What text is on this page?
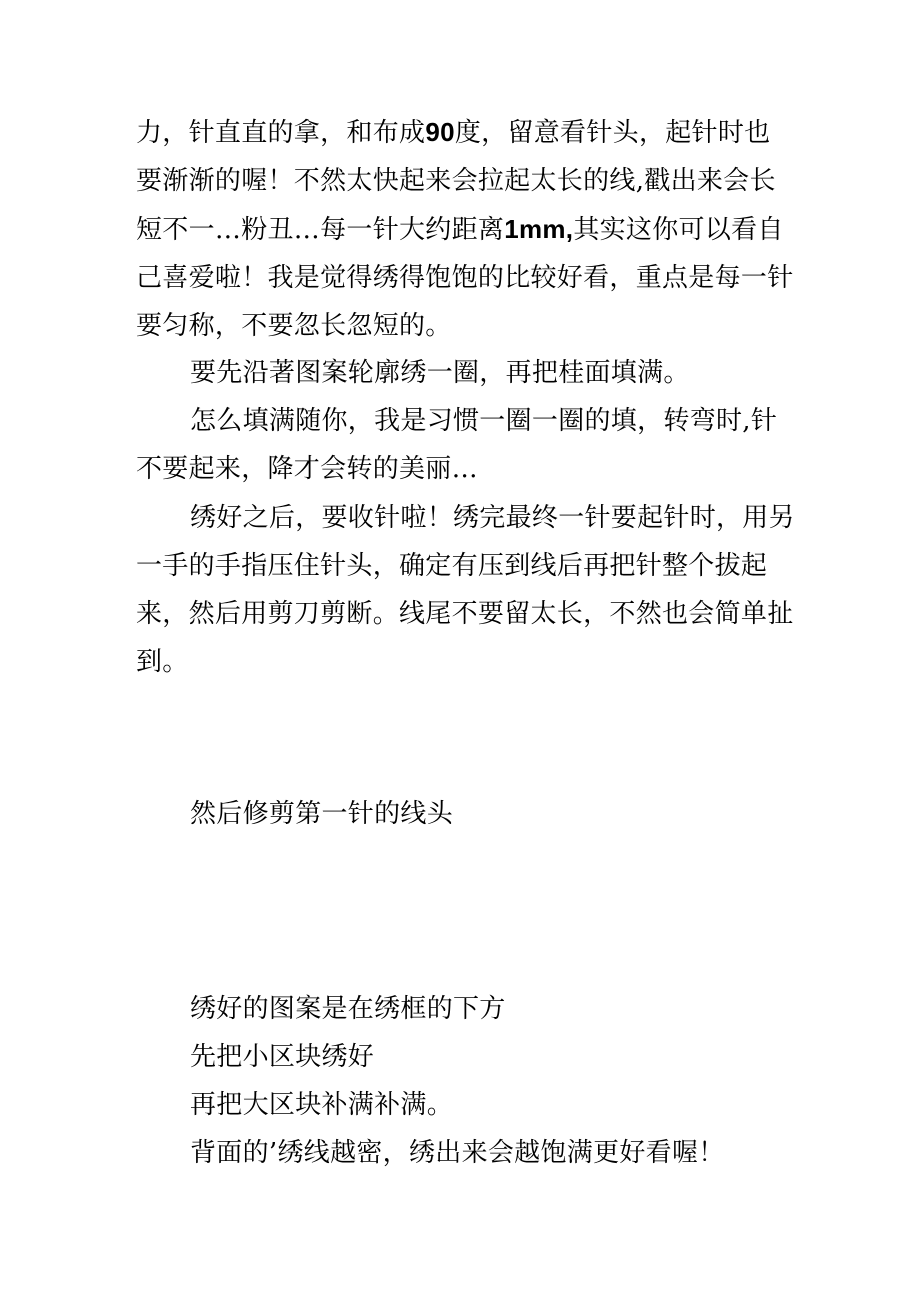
力，针直直的拿，和布成90度，留意看针头，起针时也要渐渐的喔！不然太快起来会拉起太长的线,戳出来会长短不一…粉丑…每一针大约距离1mm,其实这你可以看自己喜爱啦！我是觉得绣得饱饱的比较好看，重点是每一针要匀称，不要忽长忽短的。

要先沿著图案轮廓绣一圈，再把桂面填满。

怎么填满随你，我是习惯一圈一圈的填，转弯时,针不要起来，降才会转的美丽…

绣好之后，要收针啦！绣完最终一针要起针时，用另一手的手指压住针头，确定有压到线后再把针整个拔起来，然后用剪刀剪断。线尾不要留太长，不然也会简单扯到。

然后修剪第一针的线头

绣好的图案是在绣框的下方

先把小区块绣好

再把大区块补满补满。

背面的’绣线越密，绣出来会越饱满更好看喔！
